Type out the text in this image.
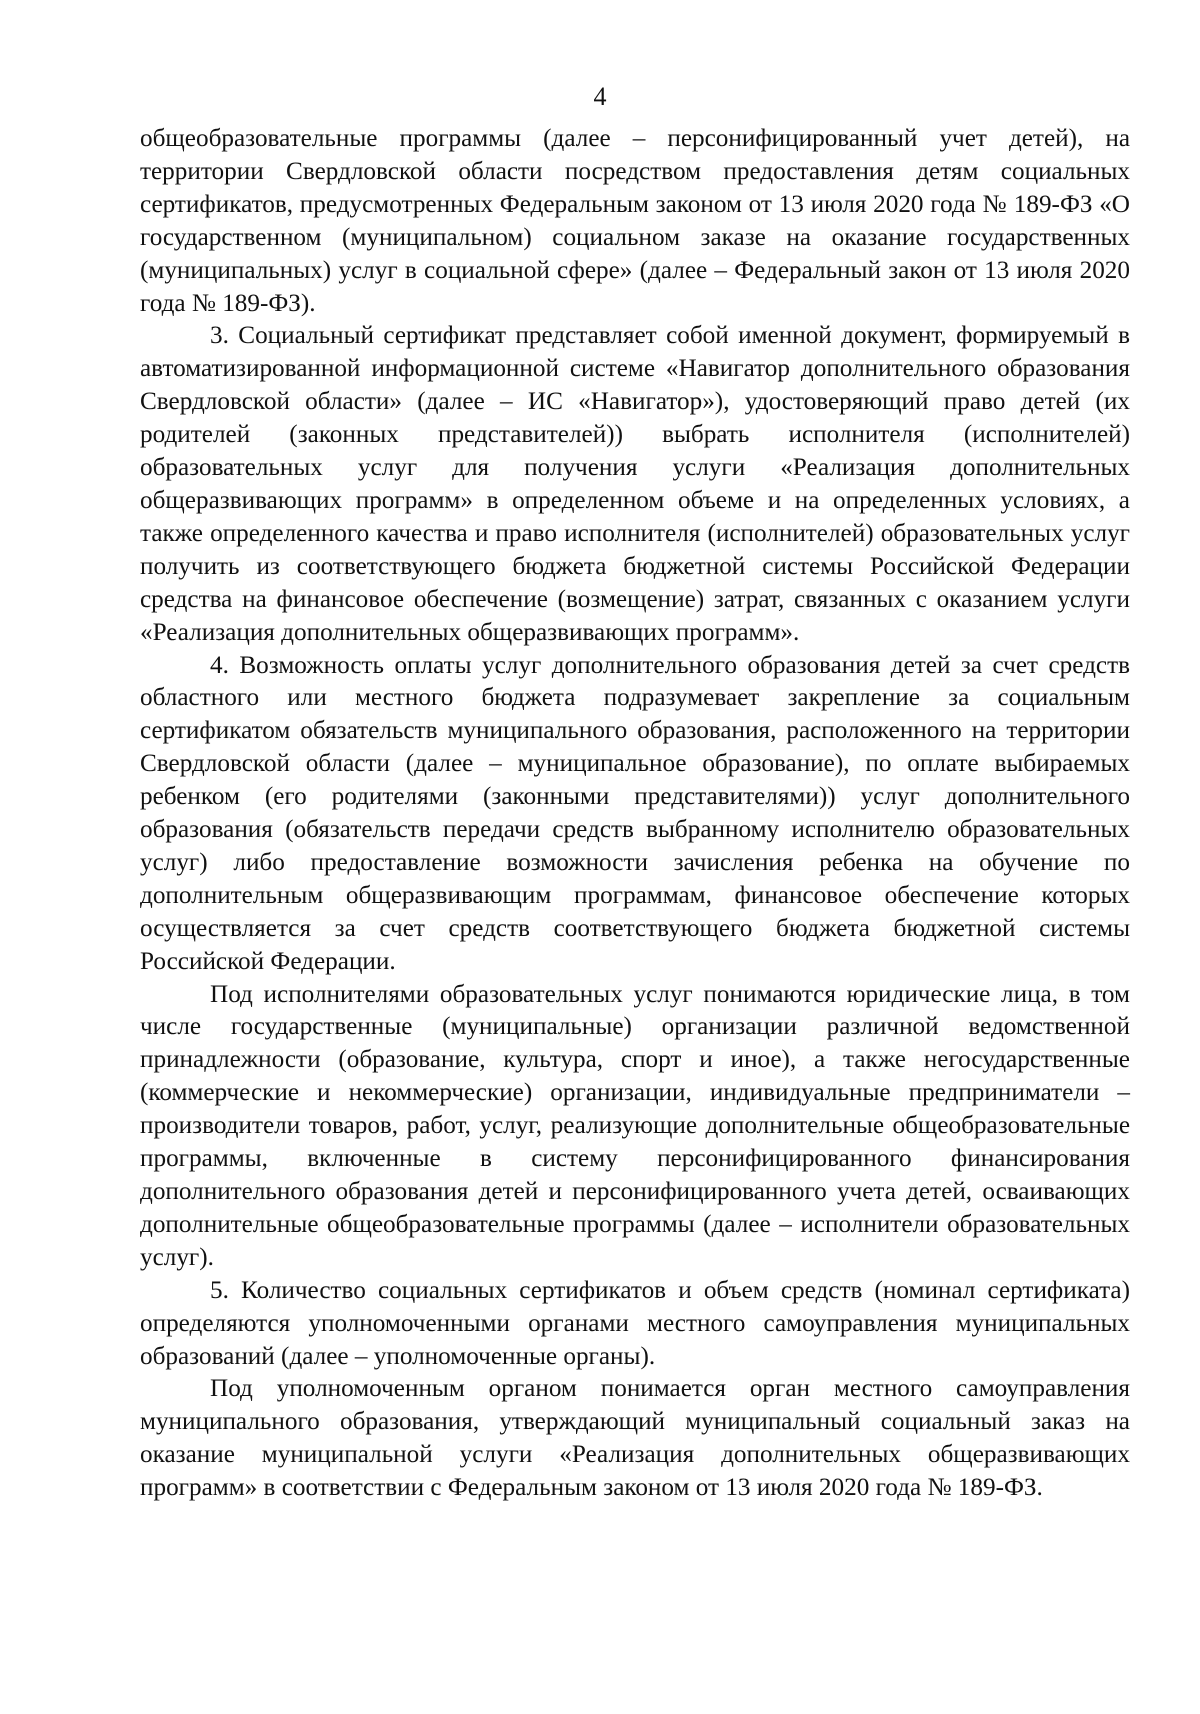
4

общеобразовательные программы (далее – персонифицированный учет детей), на территории Свердловской области посредством предоставления детям социальных сертификатов, предусмотренных Федеральным законом от 13 июля 2020 года № 189-ФЗ «О государственном (муниципальном) социальном заказе на оказание государственных (муниципальных) услуг в социальной сфере» (далее – Федеральный закон от 13 июля 2020 года № 189-ФЗ).

3. Социальный сертификат представляет собой именной документ, формируемый в автоматизированной информационной системе «Навигатор дополнительного образования Свердловской области» (далее – ИС «Навигатор»), удостоверяющий право детей (их родителей (законных представителей)) выбрать исполнителя (исполнителей) образовательных услуг для получения услуги «Реализация дополнительных общеразвивающих программ» в определенном объеме и на определенных условиях, а также определенного качества и право исполнителя (исполнителей) образовательных услуг получить из соответствующего бюджета бюджетной системы Российской Федерации средства на финансовое обеспечение (возмещение) затрат, связанных с оказанием услуги «Реализация дополнительных общеразвивающих программ».

4. Возможность оплаты услуг дополнительного образования детей за счет средств областного или местного бюджета подразумевает закрепление за социальным сертификатом обязательств муниципального образования, расположенного на территории Свердловской области (далее – муниципальное образование), по оплате выбираемых ребенком (его родителями (законными представителями)) услуг дополнительного образования (обязательств передачи средств выбранному исполнителю образовательных услуг) либо предоставление возможности зачисления ребенка на обучение по дополнительным общеразвивающим программам, финансовое обеспечение которых осуществляется за счет средств соответствующего бюджета бюджетной системы Российской Федерации.

Под исполнителями образовательных услуг понимаются юридические лица, в том числе государственные (муниципальные) организации различной ведомственной принадлежности (образование, культура, спорт и иное), а также негосударственные (коммерческие и некоммерческие) организации, индивидуальные предприниматели – производители товаров, работ, услуг, реализующие дополнительные общеобразовательные программы, включенные в систему персонифицированного финансирования дополнительного образования детей и персонифицированного учета детей, осваивающих дополнительные общеобразовательные программы (далее – исполнители образовательных услуг).

5. Количество социальных сертификатов и объем средств (номинал сертификата) определяются уполномоченными органами местного самоуправления муниципальных образований (далее – уполномоченные органы).

Под уполномоченным органом понимается орган местного самоуправления муниципального образования, утверждающий муниципальный социальный заказ на оказание муниципальной услуги «Реализация дополнительных общеразвивающих программ» в соответствии с Федеральным законом от 13 июля 2020 года № 189-ФЗ.
